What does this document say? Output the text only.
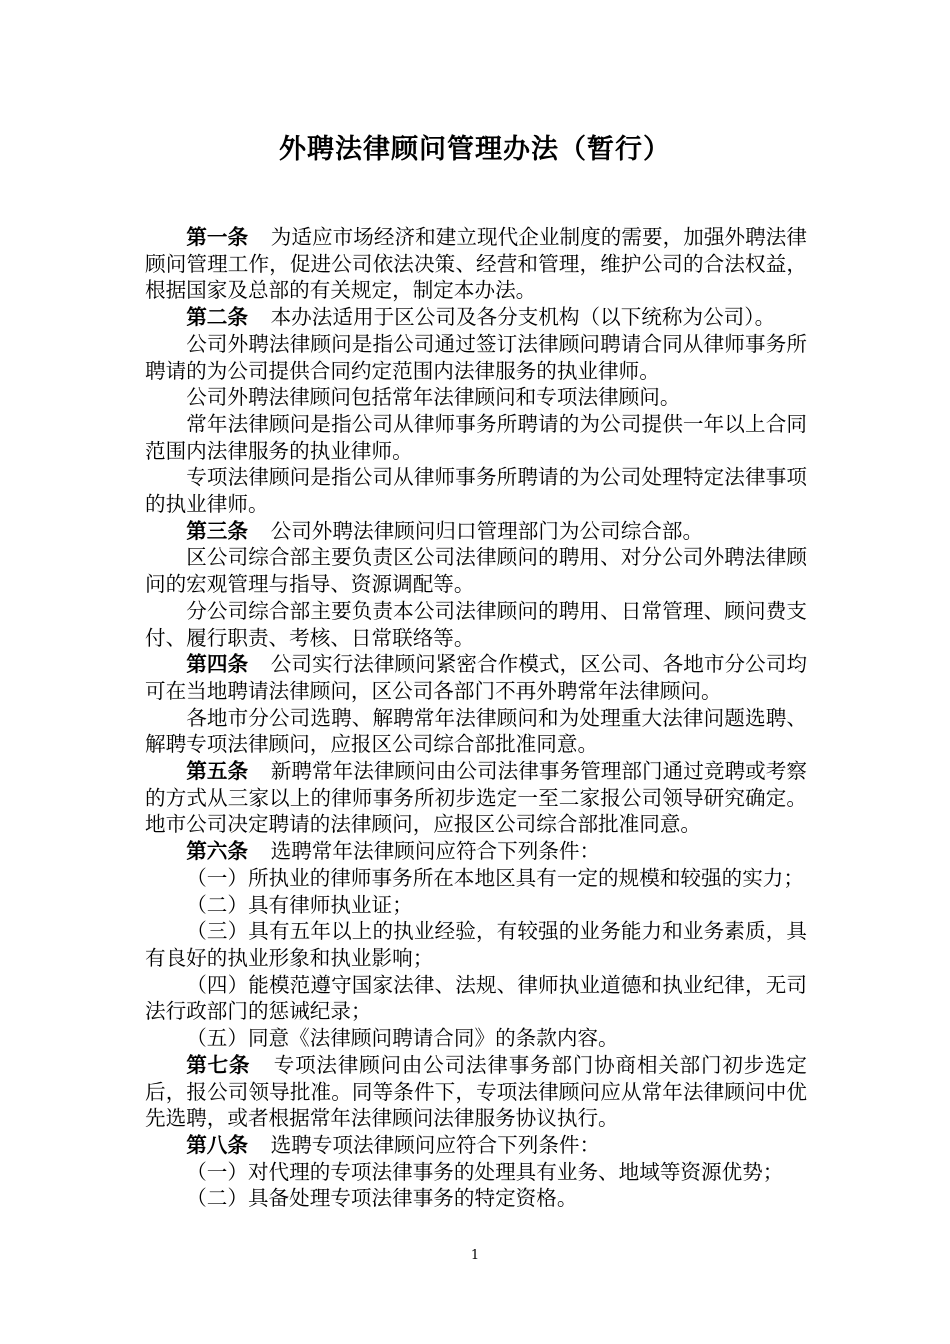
外聘法律顾问管理办法（暂行）

第一条 为适应市场经济和建立现代企业制度的需要，加强外聘法律顾问管理工作，促进公司依法决策、经营和管理，维护公司的合法权益，根据国家及总部的有关规定，制定本办法。

第二条 本办法适用于区公司及各分支机构（以下统称为公司）。

公司外聘法律顾问是指公司通过签订法律顾问聘请合同从律师事务所聘请的为公司提供合同约定范围内法律服务的执业律师。

公司外聘法律顾问包括常年法律顾问和专项法律顾问。

常年法律顾问是指公司从律师事务所聘请的为公司提供一年以上合同范围内法律服务的执业律师。

专项法律顾问是指公司从律师事务所聘请的为公司处理特定法律事项的执业律师。

第三条 公司外聘法律顾问归口管理部门为公司综合部。

区公司综合部主要负责区公司法律顾问的聘用、对分公司外聘法律顾问的宏观管理与指导、资源调配等。

分公司综合部主要负责本公司法律顾问的聘用、日常管理、顾问费支付、履行职责、考核、日常联络等。

第四条 公司实行法律顾问紧密合作模式，区公司、各地市分公司均可在当地聘请法律顾问，区公司各部门不再外聘常年法律顾问。

各地市分公司选聘、解聘常年法律顾问和为处理重大法律问题选聘、解聘专项法律顾问，应报区公司综合部批准同意。

第五条 新聘常年法律顾问由公司法律事务管理部门通过竞聘或考察的方式从三家以上的律师事务所初步选定一至二家报公司领导研究确定。地市公司决定聘请的法律顾问，应报区公司综合部批准同意。

第六条 选聘常年法律顾问应符合下列条件：

（一）所执业的律师事务所在本地区具有一定的规模和较强的实力；

（二）具有律师执业证；

（三）具有五年以上的执业经验，有较强的业务能力和业务素质，具有良好的执业形象和执业影响；

（四）能模范遵守国家法律、法规、律师执业道德和执业纪律，无司法行政部门的惩诫纪录；

（五）同意《法律顾问聘请合同》的条款内容。

第七条 专项法律顾问由公司法律事务部门协商相关部门初步选定后，报公司领导批准。同等条件下，专项法律顾问应从常年法律顾问中优先选聘，或者根据常年法律顾问法律服务协议执行。

第八条 选聘专项法律顾问应符合下列条件：

（一）对代理的专项法律事务的处理具有业务、地域等资源优势；

（二）具备处理专项法律事务的特定资格。

1
